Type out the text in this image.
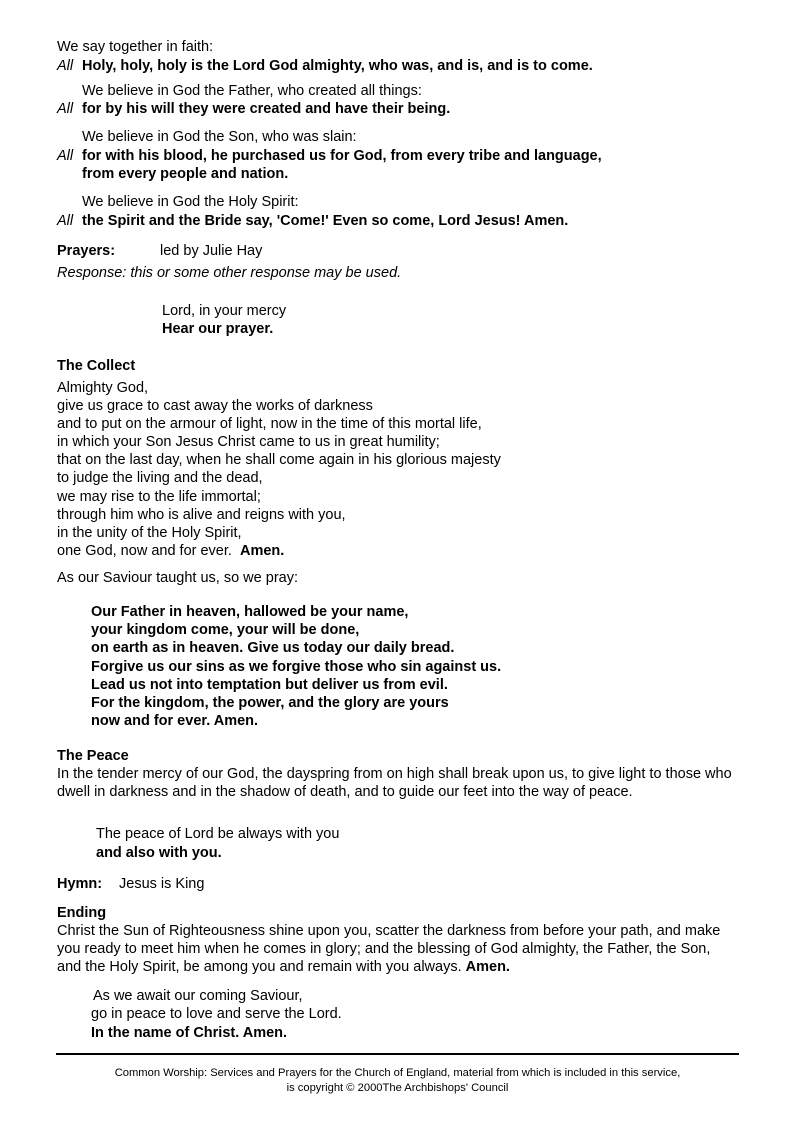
We say together in faith:
All Holy, holy, holy is the Lord God almighty, who was, and is, and is to come.
We believe in God the Father, who created all things:
All for by his will they were created and have their being.
We believe in God the Son, who was slain:
All for with his blood, he purchased us for God, from every tribe and language,
from every people and nation.
We believe in God the Holy Spirit:
All the Spirit and the Bride say, 'Come!' Even so come, Lord Jesus! Amen.
Prayers:	led by Julie Hay
Response: this or some other response may be used.
Lord, in your mercy
Hear our prayer.
The Collect
Almighty God,
give us grace to cast away the works of darkness
and to put on the armour of light, now in the time of this mortal life,
in which your Son Jesus Christ came to us in great humility;
that on the last day, when he shall come again in his glorious majesty
to judge the living and the dead,
we may rise to the life immortal;
through him who is alive and reigns with you,
in the unity of the Holy Spirit,
one God, now and for ever. Amen.
As our Saviour taught us, so we pray:
Our Father in heaven, hallowed be your name,
your kingdom come, your will be done,
on earth as in heaven. Give us today our daily bread.
Forgive us our sins as we forgive those who sin against us.
Lead us not into temptation but deliver us from evil.
For the kingdom, the power, and the glory are yours
now and for ever. Amen.
The Peace
In the tender mercy of our God, the dayspring from on high shall break upon us, to give light to those who dwell in darkness and in the shadow of death, and to guide our feet into the way of peace.
The peace of Lord be always with you
and also with you.
Hymn: Jesus is King
Ending
Christ the Sun of Righteousness shine upon you, scatter the darkness from before your path, and make you ready to meet him when he comes in glory; and the blessing of God almighty, the Father, the Son, and the Holy Spirit, be among you and remain with you always. Amen.
As we await our coming Saviour,
go in peace to love and serve the Lord.
In the name of Christ. Amen.
Common Worship: Services and Prayers for the Church of England, material from which is included in this service,
is copyright © 2000The Archbishops' Council
